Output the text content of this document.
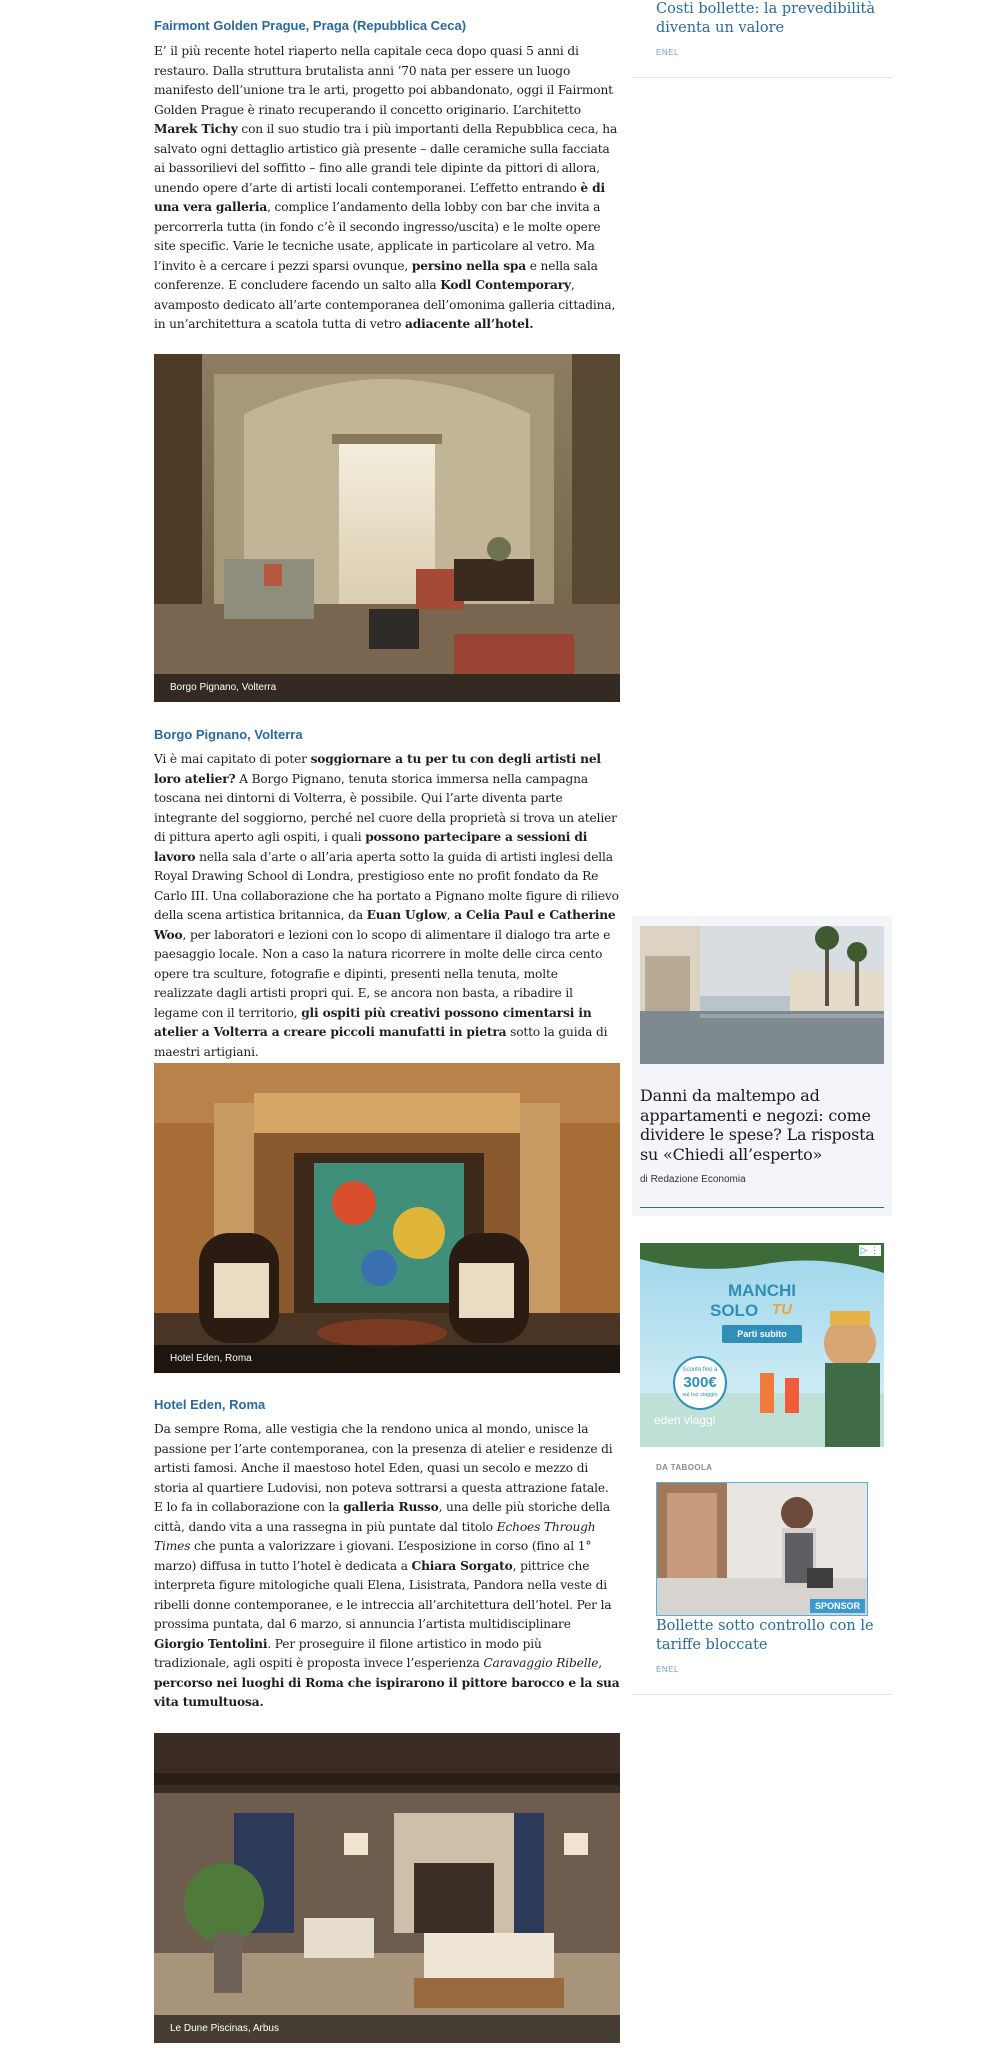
Fairmont Golden Prague, Praga (Repubblica Ceca)

E’ il più recente hotel riaperto nella capitale ceca dopo quasi 5 anni di restauro. Dalla struttura brutalista anni ’70 nata per essere un luogo manifesto dell’unione tra le arti, progetto poi abbandonato, oggi il Fairmont Golden Prague è rinato recuperando il concetto originario. L’architetto Marek Tichy con il suo studio tra i più importanti della Repubblica ceca, ha salvato ogni dettaglio artistico già presente – dalle ceramiche sulla facciata ai bassorilievi del soffitto – fino alle grandi tele dipinte da pittori di allora, unendo opere d’arte di artisti locali contemporanei. L’effetto entrando è di una vera galleria, complice l’andamento della lobby con bar che invita a percorrerla tutta (in fondo c’è il secondo ingresso/uscita) e le molte opere site specific. Varie le tecniche usate, applicate in particolare al vetro. Ma l’invito è a cercare i pezzi sparsi ovunque, persino nella spa e nella sala conferenze. E concludere facendo un salto alla Kodl Contemporary, avamposto dedicato all’arte contemporanea dell’omonima galleria cittadina, in un’architettura a scatola tutta di vetro adiacente all’hotel.

Borgo Pignano, Volterra
Borgo Pignano, Volterra

Vi è mai capitato di poter soggiornare a tu per tu con degli artisti nel loro atelier? A Borgo Pignano, tenuta storica immersa nella campagna toscana nei dintorni di Volterra, è possibile. Qui l’arte diventa parte integrante del soggiorno, perché nel cuore della proprietà si trova un atelier di pittura aperto agli ospiti, i quali possono partecipare a sessioni di lavoro nella sala d’arte o all’aria aperta sotto la guida di artisti inglesi della Royal Drawing School di Londra, prestigioso ente no profit fondato da Re Carlo III. Una collaborazione che ha portato a Pignano molte figure di rilievo della scena artistica britannica, da Euan Uglow, a Celia Paul e Catherine Woo, per laboratori e lezioni con lo scopo di alimentare il dialogo tra arte e paesaggio locale. Non a caso la natura ricorrere in molte delle circa cento opere tra sculture, fotografie e dipinti, presenti nella tenuta, molte realizzate dagli artisti propri qui. E, se ancora non basta, a ribadire il legame con il territorio, gli ospiti più creativi possono cimentarsi in atelier a Volterra a creare piccoli manufatti in pietra sotto la guida di maestri artigiani.

Hotel Eden, Roma
Hotel Eden, Roma

Da sempre Roma, alle vestigia che la rendono unica al mondo, unisce la passione per l’arte contemporanea, con la presenza di atelier e residenze di artisti famosi. Anche il maestoso hotel Eden, quasi un secolo e mezzo di storia al quartiere Ludovisi, non poteva sottrarsi a questa attrazione fatale. E lo fa in collaborazione con la galleria Russo, una delle più storiche della città, dando vita a una rassegna in più puntate dal titolo Echoes Through Times che punta a valorizzare i giovani. L’esposizione in corso (fino al 1° marzo) diffusa in tutto l’hotel è dedicata a Chiara Sorgato, pittrice che interpreta figure mitologiche quali Elena, Lisistrata, Pandora nella veste di ribelli donne contemporanee, e le intreccia all’architettura dell’hotel. Per la prossima puntata, dal 6 marzo, si annuncia l’artista multidisciplinare Giorgio Tentolini. Per proseguire il filone artistico in modo più tradizionale, agli ospiti è proposta invece l’esperienza Caravaggio Ribelle, percorso nei luoghi di Roma che ispirarono il pittore barocco e la sua vita tumultuosa.

Le Dune Piscinas, Arbus
Costi bollette: la prevedibilità diventa un valore
ENEL
Danni da maltempo ad appartamenti e negozi: come dividere le spese? La risposta su «Chiedi all’esperto»
di Redazione Economia
MANCHI
SOLO TU
Parti subito
Sconto fino a
300€
sul tuo viaggio
eden viaggi
▷ ⋮
DA TABOOLA
SPONSOR
Bollette sotto controllo con le tariffe bloccate
ENEL
